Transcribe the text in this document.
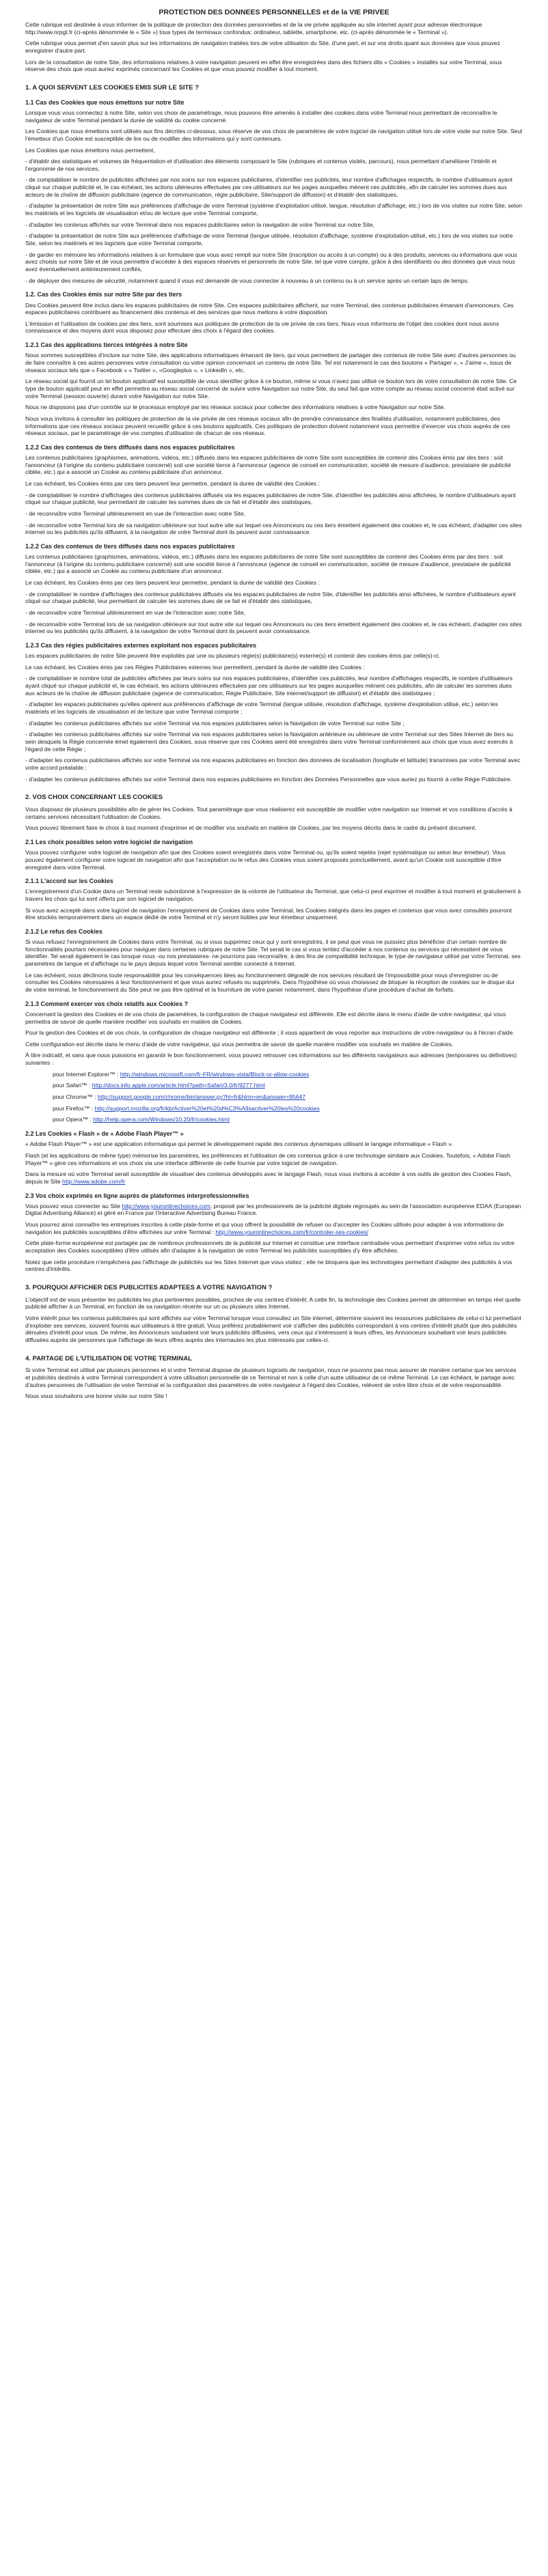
PROTECTION DES DONNEES PERSONNELLES et de la VIE PRIVEE

Cette rubrique est destinée à vous informer de la politique de protection des données personnelles et de la vie privée appliquée au site internet ayant pour adresse électronique http://www.nrpgt.fr (ci-après dénommée le « Site ») tous types de terminaux confondus: ordinateur, tablette, smartphone, etc. (ci-après dénommée le « Terminal »).

Cette rubrique vous permet d'en savoir plus sur les informations de navigation traitées lors de votre utilisation du Site, d'une part, et sur vos droits quant aux données que vous pouvez enregistrer d'autre part.

Lors de la consultation de notre Site, des informations relatives à votre navigation peuvent en effet être enregistrées dans des fichiers dits « Cookies » installés sur votre Terminal, sous réserve des choix que vous auriez exprimés concernant les Cookies et que vous pouvez modifier à tout moment.

1. A QUOI SERVENT LES COOKIES EMIS SUR LE SITE ?
1.1 Cas des Cookies que nous émettons sur notre Site

Lorsque vous vous connectez à notre Site, selon vos choix de paramétrage, nous pouvons être amenés à installer des cookies dans votre Terminal nous permettant de reconnaître le navigateur de votre Terminal pendant la durée de validité du cookie concerné.

Les Cookies que nous émettons sont utilisés aux fins décrites ci-dessous, sous réserve de vos choix de paramètres de votre logiciel de navigation utilisé lors de votre visite sur notre Site. Seul l'émetteur d'un Cookie est susceptible de lire ou de modifier des informations qui y sont contenues.

Les Cookies que nous émettons nous permettent,

- d'établir des statistiques et volumes de fréquentation et d'utilisation des éléments composant le Site (rubriques et contenus visités, parcours), nous permettant d'améliorer l'intérêt et l'ergonomie de nos services,

- de comptabiliser le nombre de publicités affichées par nos soins sur nos espaces publicitaires, d'identifier ces publicités, leur nombre d'affichages respectifs, le nombre d'utilisateurs ayant cliqué sur chaque publicité et, le cas échéant, les actions ultérieures effectuées par ces utilisateurs sur les pages auxquelles mènent ces publicités, afin de calculer les sommes dues aux acteurs de la chaîne de diffusion publicitaire (agence de communication, régie publicitaire, Site/support de diffusion) et d'établir des statistiques,

- d'adapter la présentation de notre Site aux préférences d'affichage de votre Terminal (système d'exploitation utilisé, langue, résolution d'affichage, etc.) lors de vos visites sur notre Site, selon les matériels et les logiciels de visualisation et/ou de lecture que votre Terminal comporte,

- d'adapter les contenus affichés sur votre Terminal dans nos espaces publicitaires selon la navigation de votre Terminal sur notre Site,

- d'adapter la présentation de notre Site aux préférences d'affichage de votre Terminal (langue utilisée, résolution d'affichage, système d'exploitation utilisé, etc.) lors de vos visites sur notre Site, selon les matériels et les logiciels que votre Terminal comporte,

- de garder en mémoire les informations relatives à un formulaire que vous avez rempli sur notre Site (inscription ou accès à un compte) ou à des produits, services ou informations que vous avez choisis sur notre Site et de vous permettre d'accéder à des espaces réservés et personnels de notre Site, tel que votre compte, grâce à des identifiants ou des données que vous nous avez éventuellement antérieurement confiés,

- de déployer des mesures de sécurité, notamment quand il vous est demandé de vous connecter à nouveau à un contenu ou à un service après un certain laps de temps.

1.2. Cas des Cookies émis sur notre Site par des tiers

Des Cookies peuvent être inclus dans les espaces publicitaires de notre Site. Ces espaces publicitaires affichent, sur notre Terminal, des contenus publicitaires émanant d'annonceurs. Ces espaces publicitaires contribuent au financement des contenus et des services que nous mettons à votre disposition.

L'émission et l'utilisation de cookies par des tiers, sont soumises aux politiques de protection de la vie privée de ces tiers. Nous vous informons de l'objet des cookies dont nous avons connaissance et des moyens dont vous disposez pour effectuer des choix à l'égard des cookies.

1.2.1 Cas des applications tierces intégrées à notre Site

Nous sommes susceptibles d'inclure sur notre Site, des applications informatiques émanant de tiers, qui vous permettent de partager des contenus de notre Site avec d'autres personnes ou de faire connaître à ces autres personnes votre consultation ou votre opinion concernant un contenu de notre Site. Tel est notamment le cas des boutons « Partager », « J'aime », issus de réseaux sociaux tels que « Facebook » « Twitter », «Googleplus », « LinkedIn », etc.

Le réseau social qui fournit un tel bouton applicatif est susceptible de vous identifier grâce à ce bouton, même si vous n'avez pas utilisé ce bouton lors de votre consultation de notre Site. Ce type de bouton applicatif peut en effet permettre au réseau social concerné de suivre votre Navigation sur notre Site, du seul fait que votre compte au réseau social concerné était activé sur votre Terminal (session ouverte) durant votre Navigation sur notre Site.

Nous ne disposons pas d'un contrôle sur le processus employé par les réseaux sociaux pour collecter des informations relatives à votre Navigation sur notre Site.

Nous vous invitons à consulter les politiques de protection de la vie privée de ces réseaux sociaux afin de prendre connaissance des finalités d'utilisation, notamment publicitaires, des informations que ces réseaux sociaux peuvent recueillir grâce à ces boutons applicatifs. Ces politiques de protection doivent notamment vous permettre d'exercer vos choix auprès de ces réseaux sociaux, par le paramétrage de vos comptes d'utilisation de chacun de ces réseaux.

1.2.2 Cas des contenus de tiers diffusés dans nos espaces publicitaires

Les contenus publicitaires (graphismes, animations, vidéos, etc.) diffusés dans les espaces publicitaires de notre Site sont susceptibles de contenir des Cookies émis par des tiers : soit l'annonceur (à l'origine du contenu publicitaire concerné) soit une société tierce à l'annonceur (agence de conseil en communication, société de mesure d'audience, prestataire de publicité ciblée, etc.) qui a associé un Cookie au contenu publicitaire d'un annonceur.

Le cas échéant, les Cookies émis par ces tiers peuvent leur permettre, pendant la durée de validité des Cookies :

- de comptabiliser le nombre d'affichages des contenus publicitaires diffusés via les espaces publicitaires de notre Site, d'identifier les publicités ainsi affichées, le nombre d'utilisateurs ayant cliqué sur chaque publicité, leur permettant de calculer les sommes dues de ce fait et d'établir des statistiques,

- de reconnaître votre Terminal ultérieurement en vue de l'interaction avec notre Site,

- de reconnaître votre Terminal lors de sa navigation ultérieure sur tout autre site sur lequel ces Annonceurs ou ces tiers émettent également des cookies et, le cas échéant, d'adapter ces sites internet ou les publicités qu'ils diffusent, à la navigation de votre Terminal dont ils peuvent avoir connaissance.

1.2.2 Cas des contenus de tiers diffusés dans nos espaces publicitaires

Les contenus publicitaires (graphismes, animations, vidéos, etc.) diffusés dans les espaces publicitaires de notre Site sont susceptibles de contenir des Cookies émis par des tiers : soit l'annonceur (à l'origine du contenu publicitaire concerné) soit une société tierce à l'annonceur (agence de conseil en communication, société de mesure d'audience, prestataire de publicité ciblée, etc.) qui a associé un Cookie au contenu publicitaire d'un annonceur.

Le cas échéant, les Cookies émis par ces tiers peuvent leur permettre, pendant la durée de validité des Cookies :

- de comptabiliser le nombre d'affichages des contenus publicitaires diffusés via les espaces publicitaires de notre Site, d'identifier les publicités ainsi affichées, le nombre d'utilisateurs ayant cliqué sur chaque publicité, leur permettant de calculer les sommes dues de ce fait et d'établir des statistiques,

- de reconnaître votre Terminal ultérieurement en vue de l'interaction avec notre Site,

- de reconnaître votre Terminal lors de sa navigation ultérieure sur tout autre site sur lequel ces Annonceurs ou ces tiers émettent également des cookies et, le cas échéant, d'adapter ces sites internet ou les publicités qu'ils diffusent, à la navigation de votre Terminal dont ils peuvent avoir connaissance.

1.2.3 Cas des régies publicitaires externes exploitant nos espaces publicitaires

Les espaces publicitaires de notre Site peuvent être exploités par une ou plusieurs régie(s) publicitaire(s) externe(s) et contenir des cookies émis par celle(s)-ci.

Le cas échéant, les Cookies émis par ces Régies Publicitaires externes leur permettent, pendant la durée de validité des Cookies :

- de comptabiliser le nombre total de publicités affichées par leurs soins sur nos espaces publicitaires, d'identifier ces publicités, leur nombre d'affichages respectifs, le nombre d'utilisateurs ayant cliqué sur chaque publicité et, le cas échéant, les actions ultérieures effectuées par ces utilisateurs sur les pages auxquelles mènent ces publicités, afin de calculer les sommes dues aux acteurs de la chaîne de diffusion publicitaire (agence de communication, Régie Publicitaire, Site internet/support de diffusion) et d'établir des statistiques ;

- d'adapter les espaces publicitaires qu'elles opèrent aux préférences d'affichage de votre Terminal (langue utilisée, résolution d'affichage, système d'exploitation utilisé, etc.) selon les matériels et les logiciels de visualisation et de lecture que votre Terminal comporte ;

- d'adapter les contenus publicitaires affichés sur votre Terminal via nos espaces publicitaires selon la Navigation de votre Terminal sur notre Site ;

- d'adapter les contenus publicitaires affichés sur votre Terminal via nos espaces publicitaires selon la Navigation antérieure ou ultérieure de votre Terminal sur des Sites Internet de tiers au sein desquels la Régie concernée émet également des Cookies, sous réserve que ces Cookies aient été enregistrés dans votre Terminal conformément aux choix que vous avez exercés à l'égard de cette Régie ;

- d'adapter les contenus publicitaires affichés sur votre Terminal via nos espaces publicitaires en fonction des données de localisation (longitude et latitude) transmises par votre Terminal avec votre accord préalable ;

- d'adapter les contenus publicitaires affichés sur votre Terminal dans nos espaces publicitaires en fonction des Données Personnelles que vous auriez pu fournir à cette Régie Publicitaire.

2. VOS CHOIX CONCERNANT LES COOKIES

Vous disposez de plusieurs possibilités afin de gérer les Cookies. Tout paramétrage que vous réaliserez est susceptible de modifier votre navigation sur Internet et vos conditions d'accès à certains services nécessitant l'utilisation de Cookies.

Vous pouvez librement faire le choix à tout moment d'exprimer et de modifier vos souhaits en matière de Cookies, par les moyens décrits dans le cadre du présent document.

2.1 Les choix possibles selon votre logiciel de navigation

Vous pouvez configurer votre logiciel de navigation afin que des Cookies soient enregistrés dans votre Terminal ou, qu'ils soient rejetés (rejet systématique ou selon leur émetteur). Vous pouvez également configurer votre logiciel de navigation afin que l'acceptation ou le refus des Cookies vous soient proposés ponctuellement, avant qu'un Cookie soit susceptible d'être enregistré dans votre Terminal.

2.1.1 L'accord sur les Cookies

L'enregistrement d'un Cookie dans un Terminal reste subordonné à l'expression de la volonté de l'utilisateur du Terminal, que celui-ci peut exprimer et modifier à tout moment et gratuitement à travers les choix qui lui sont offerts par son logiciel de navigation.

Si vous avez accepté dans votre logiciel de navigation l'enregistrement de Cookies dans votre Terminal, les Cookies intégrés dans les pages et contenus que vous avez consultés pourront être stockés temporairement dans un espace dédié de votre Terminal et n'y seront lisibles par leur émetteur uniquement.

2.1.2 Le refus des Cookies

Si vous refusez l'enregistrement de Cookies dans votre Terminal, ou si vous supprimez ceux qui y sont enregistrés, il se peut que vous ne puissiez plus bénéficier d'un certain nombre de fonctionnalités pourtant nécessaires pour naviguer dans certaines rubriques de notre Site. Tel serait le cas si vous tentiez d'accéder à nos contenus ou services qui nécessitent de vous identifier. Tel serait également le cas lorsque nous -ou nos prestataires- ne pourrions pas reconnaître, à des fins de compatibilité technique, le type de navigateur utilisé par votre Terminal, ses paramètres de langue et d'affichage ou le pays depuis lequel votre Terminal semble connecté à Internet.

Le cas échéant, nous déclinons toute responsabilité pour les conséquences liées au fonctionnement dégradé de nos services résultant de l'impossibilité pour nous d'enregistrer ou de consulter les Cookies nécessaires à leur fonctionnement et que vous auriez refusés ou supprimés. Dans l'hypothèse où vous choisissez de bloquer la réception de cookies sur le disque dur de votre terminal, le fonctionnement du Site peut ne pas être optimal et la fourniture de votre panier notamment, dans l'hypothèse d'une procédure d'achat de forfaits.

2.1.3 Comment exercer vos choix relatifs aux Cookies ?

Concernant la gestion des Cookies et de vos choix de paramètres, la configuration de chaque navigateur est différente. Elle est décrite dans le menu d'aide de votre navigateur, qui vous permettra de savoir de quelle manière modifier vos souhaits en matière de Cookies.

Pour la gestion des Cookies et de vos choix, la configuration de chaque navigateur est différente ; il vous appartient de vous reporter aux instructions de votre navigateur ou à l'écran d'aide.

Cette configuration est décrite dans le menu d'aide de votre navigateur, qui vous permettra de savoir de quelle manière modifier vos souhaits en matière de Cookies.

À titre indicatif, et sans que nous puissions en garantir le bon fonctionnement, vous pouvez retrouver ces informations sur les différents navigateurs aux adresses (temporaires ou définitives) suivantes :

pour Internet Explorer™ : http://windows.microsoft.com/fr-FR/windows-vista/Block-or-allow-cookies

pour Safari™ : http://docs.info.apple.com/article.html?path=Safari/3.0/fr/9277.html

pour Chrome™ : http://support.google.com/chrome/bin/answer.py?hl=fr&hlrm=en&answer=95647

pour Firefox™ : http://support.mozilla.org/fr/kb/Activer%20et%20d%C3%A9sactiver%20les%20cookies

pour Opera™ : http://help.opera.com/Windows/10.20/fr/cookies.html

2.2 Les Cookies « Flash » de « Adobe Flash Player™ »

« Adobe Flash Player™ » est une application informatique qui permet le développement rapide des contenus dynamiques utilisant le langage informatique « Flash ».

Flash (et les applications de même type) mémorise les paramètres, les préférences et l'utilisation de ces contenus grâce à une technologie similaire aux Cookies. Toutefois, « Adobe Flash Player™ » gère ces informations et vos choix via une interface différente de celle fournie par votre logiciel de navigation.

Dans la mesure où votre Terminal serait susceptible de visualiser des contenus développés avec le langage Flash, nous vous invitons à accéder à vos outils de gestion des Cookies Flash, depuis le Site http://www.adobe.com/fr

2.3 Vos choix exprimés en ligne auprès de plateformes interprofessionnelles

Vous pouvez vous connecter au Site http://www.youronlinechoices.com, proposé par les professionnels de la publicité digitale regroupés au sein de l'association européenne EDAA (European Digital Advertising Alliance) et géré en France par l'Interactive Advertising Bureau France.

Vous pourrez ainsi connaître les entreprises inscrites à cette plate-forme et qui vous offrent la possibilité de refuser ou d'accepter les Cookies utilisés pour adapter à vos informations de navigation les publicités susceptibles d'être affichées sur votre Terminal : http://www.youronlinechoices.com/fr/controler-ses-cookies/

Cette plate-forme européenne est partagée par de nombreux professionnels de la publicité sur Internet et constitue une interface centralisée vous permettant d'exprimer votre refus ou votre acceptation des Cookies susceptibles d'être utilisés afin d'adapter à la navigation de votre Terminal les publicités susceptibles d'y être affichées.

Notez que cette procédure n'empêchera pas l'affichage de publicités sur les Sites Internet que vous visitez ; elle ne bloquera que les technologies permettant d'adapter des publicités à vos centres d'intérêts.

3. POURQUOI AFFICHER DES PUBLICITES ADAPTEES A VOTRE NAVIGATION ?

L'objectif est de vous présenter les publicités les plus pertinentes possibles, proches de vos centres d'intérêt. A cette fin, la technologie des Cookies permet de déterminer en temps réel quelle publicité afficher à un Terminal, en fonction de sa navigation récente sur un ou plusieurs sites Internet.

Votre intérêt pour les contenus publicitaires qui sont affichés sur votre Terminal lorsque vous consultez un Site internet, détermine souvent les ressources publicitaires de celui-ci lui permettant d'exploiter ses services, souvent fournis aux utilisateurs à titre gratuit. Vous préférez probablement voir s'afficher des publicités correspondant à vos centres d'intérêt plutôt que des publicités dénuées d'intérêt pour vous. De même, les Annonceurs souhaitent voir leurs publicités diffusées, vers ceux qui s'intéressent à leurs offres, les Annonceurs souhaitant voir leurs publicités diffusées auprès de personnes que l'affichage de leurs offres auprès des internautes les plus intéressés par celles-ci.

4. PARTAGE DE L'UTILISATION DE VOTRE TERMINAL

Si votre Terminal est utilisé par plusieurs personnes et si votre Terminal dispose de plusieurs logiciels de navigation, nous ne pouvons pas nous assurer de manière certaine que les services et publicités destinés à votre Terminal correspondent à votre utilisation personnelle de ce Terminal et non à celle d'un autre utilisateur de ce même Terminal. Le cas échéant, le partage avec d'autres personnes de l'utilisation de votre Terminal et la configuration des paramètres de votre navigateur à l'égard des Cookies, relèvent de votre libre choix et de votre responsabilité.

Nous vous souhaitons une bonne visite sur notre Site !
